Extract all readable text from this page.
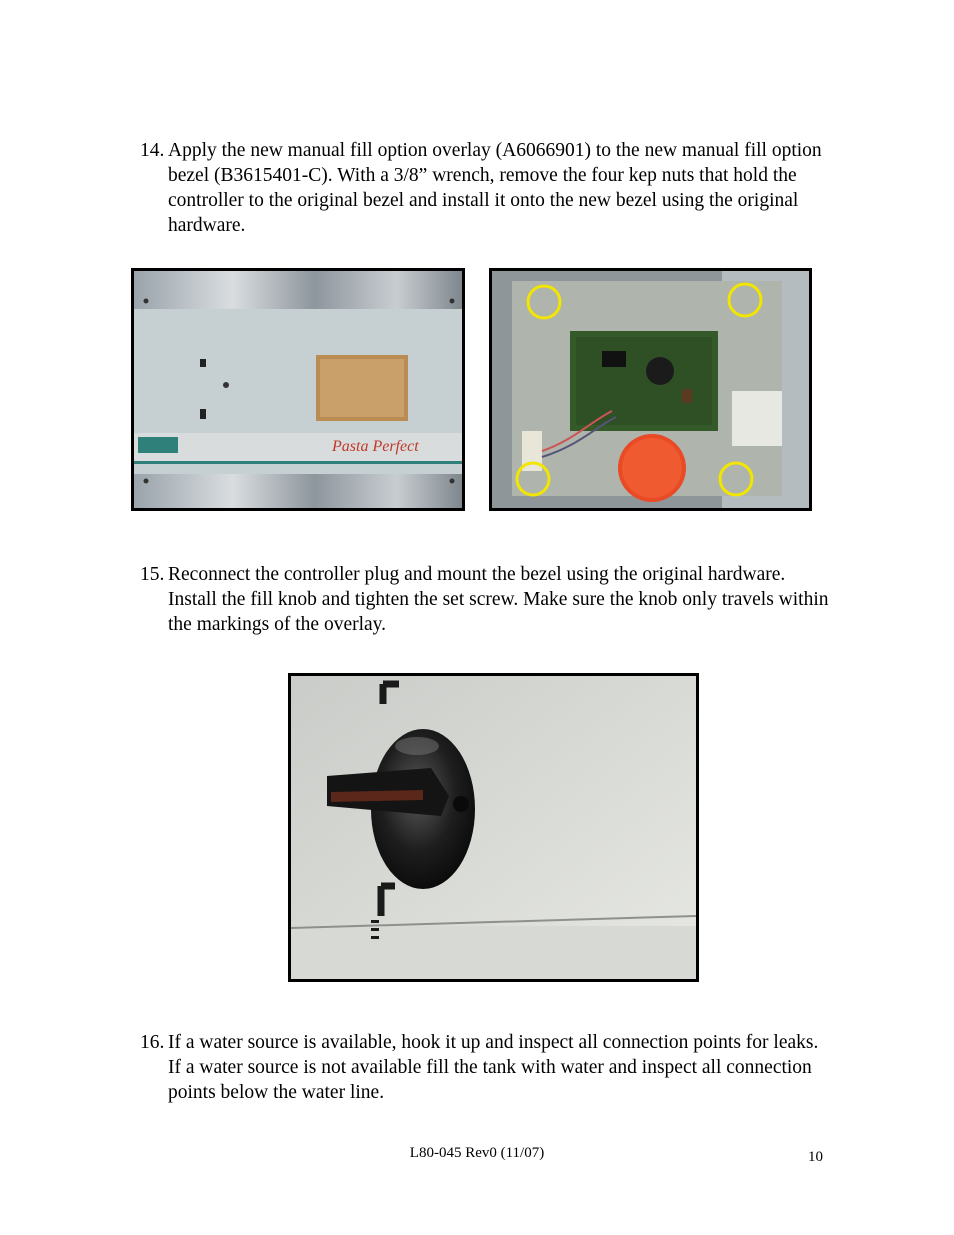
14. Apply the new manual fill option overlay (A6066901) to the new manual fill option bezel (B3615401-C). With a 3/8” wrench, remove the four kep nuts that hold the controller to the original bezel and install it onto the new bezel using the original hardware.
Pasta Perfect
15. Reconnect the controller plug and mount the bezel using the original hardware. Install the fill knob and tighten the set screw. Make sure the knob only travels within the markings of the overlay.
16. If a water source is available, hook it up and inspect all connection points for leaks. If a water source is not available fill the tank with water and inspect all connection points below the water line.
L80-045 Rev0 (11/07)	10
